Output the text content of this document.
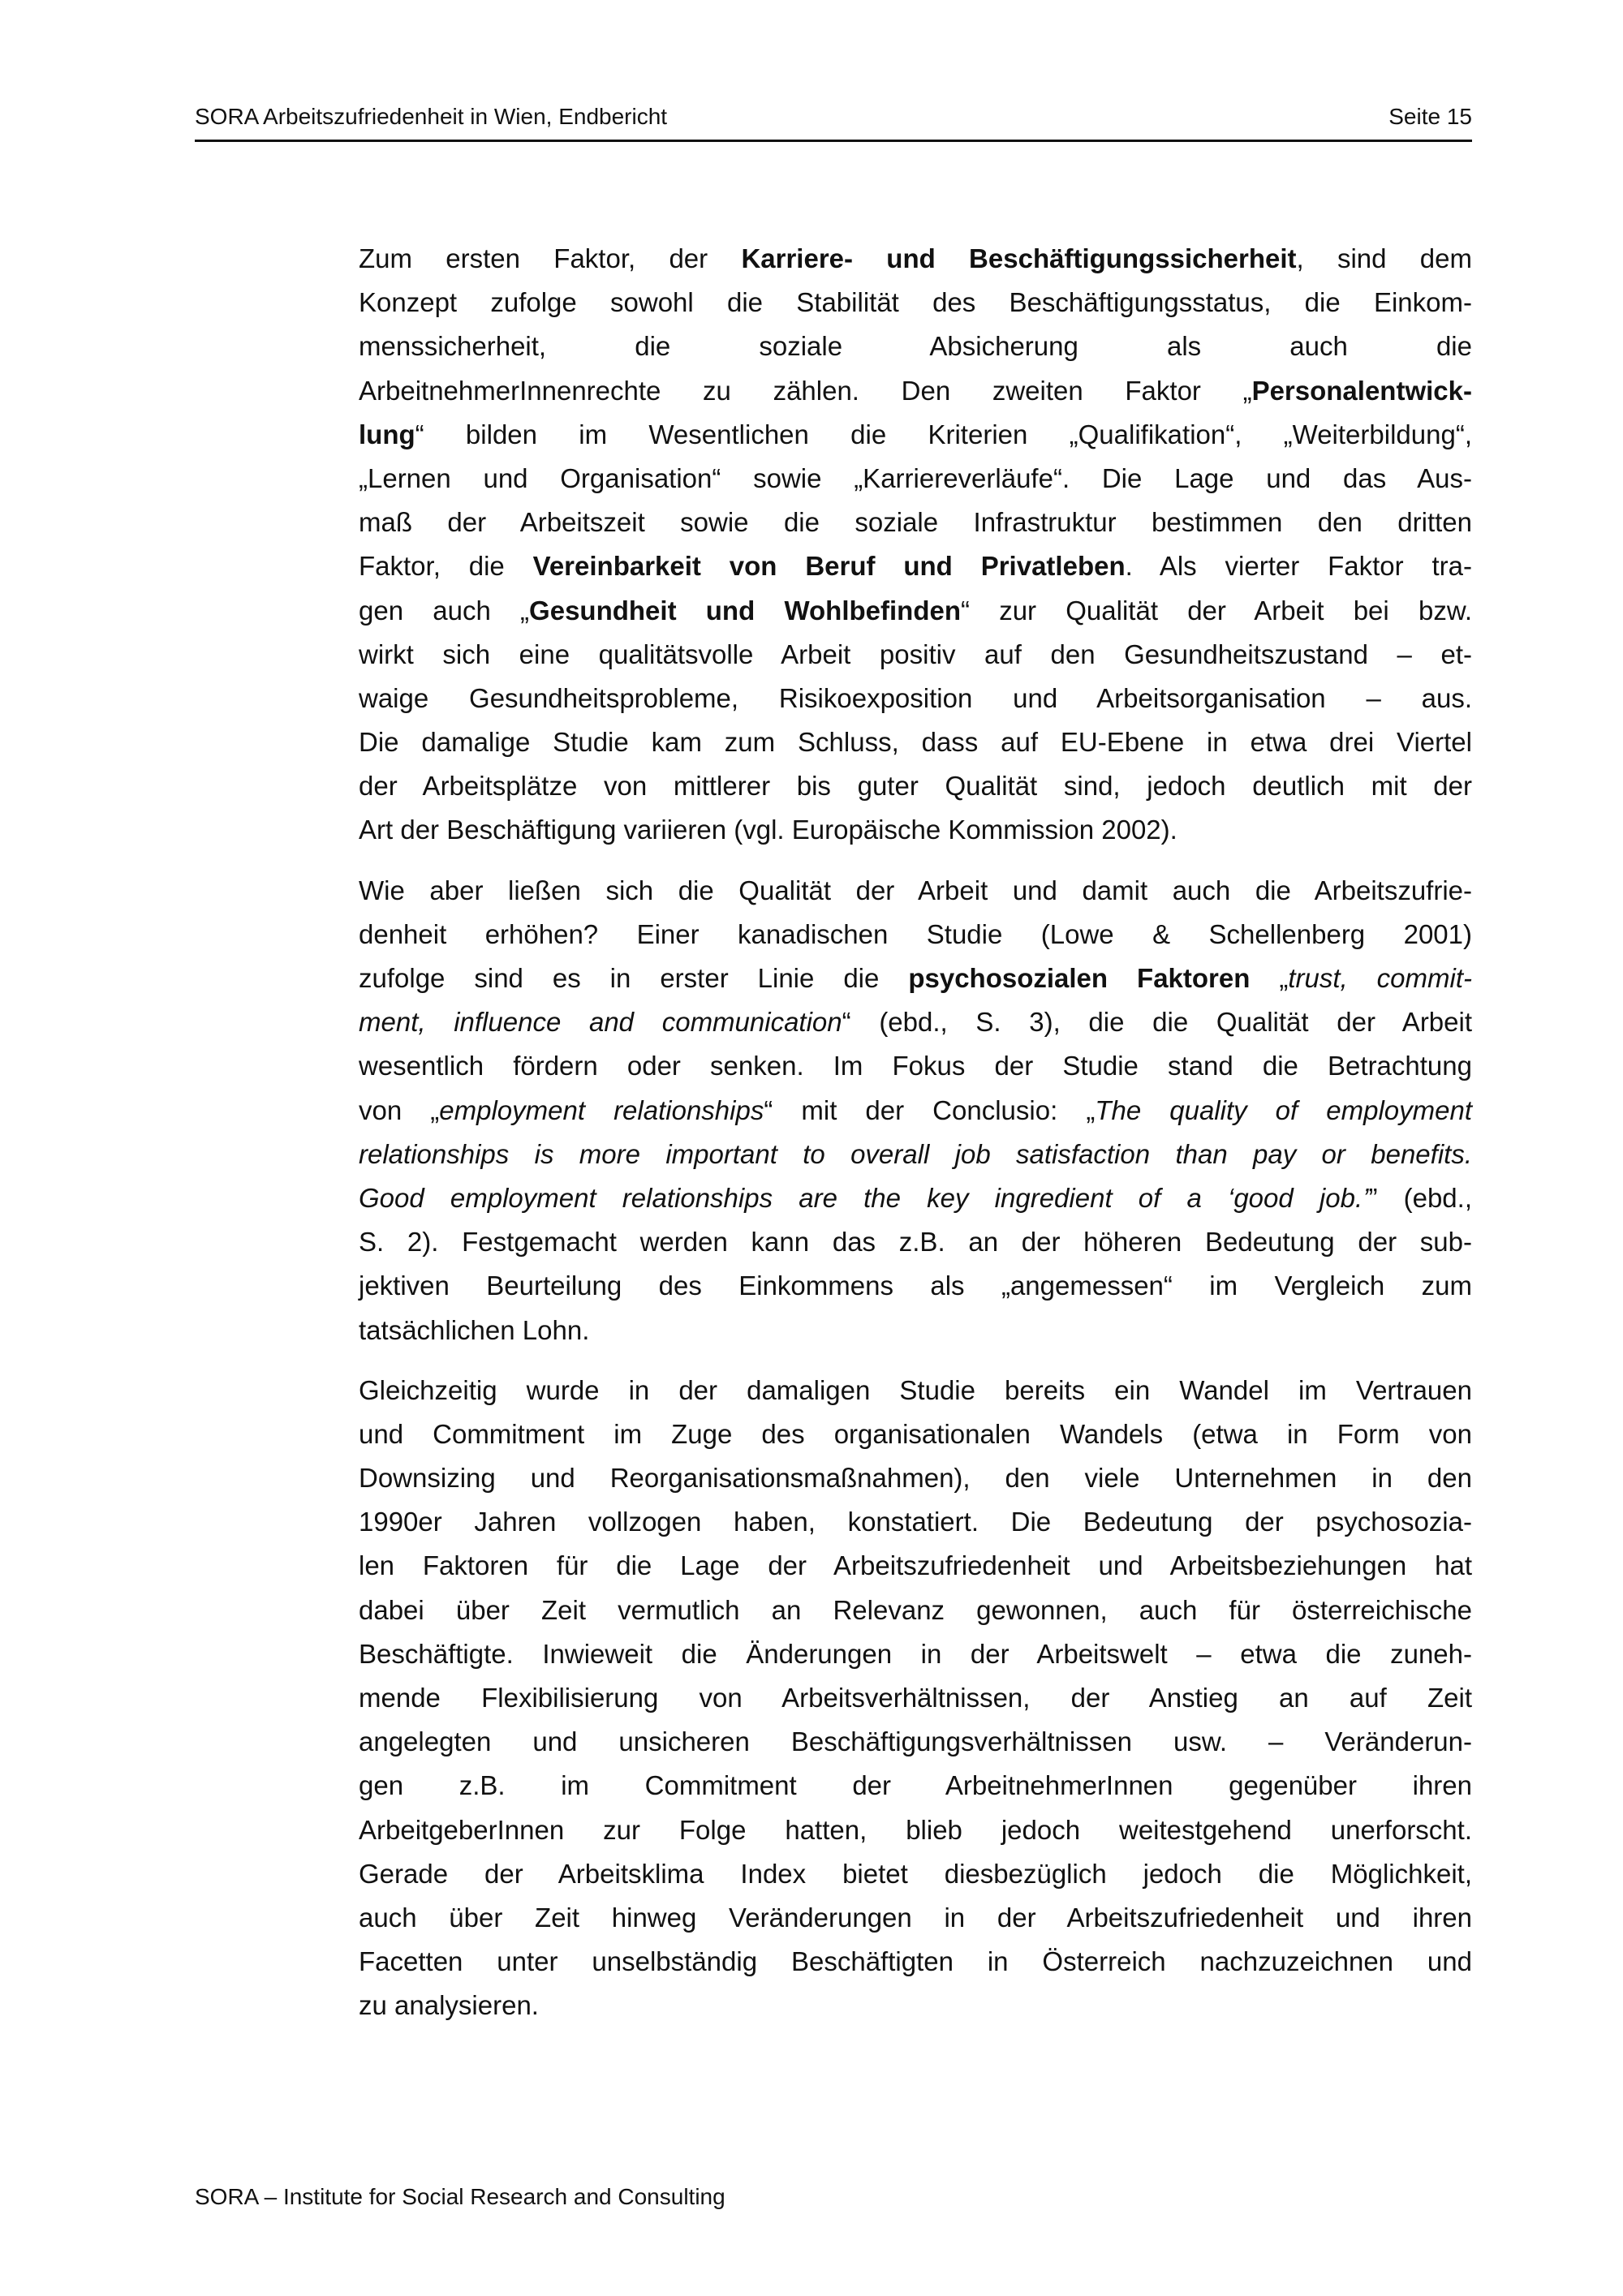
SORA Arbeitszufriedenheit in Wien, Endbericht	Seite 15
Zum ersten Faktor, der Karriere- und Beschäftigungssicherheit, sind dem
Konzept zufolge sowohl die Stabilität des Beschäftigungsstatus, die Einkom-
menssicherheit, die soziale Absicherung als auch die
ArbeitnehmerInnenrechte zu zählen. Den zweiten Faktor „Personalentwick-
lung“ bilden im Wesentlichen die Kriterien „Qualifikation“, „Weiterbildung“,
„Lernen und Organisation“ sowie „Karriereverläufe“. Die Lage und das Aus-
maß der Arbeitszeit sowie die soziale Infrastruktur bestimmen den dritten
Faktor, die Vereinbarkeit von Beruf und Privatleben. Als vierter Faktor tra-
gen auch „Gesundheit und Wohlbefinden“ zur Qualität der Arbeit bei bzw.
wirkt sich eine qualitätsvolle Arbeit positiv auf den Gesundheitszustand – et-
waige Gesundheitsprobleme, Risikoexposition und Arbeitsorganisation – aus.
Die damalige Studie kam zum Schluss, dass auf EU-Ebene in etwa drei Viertel
der Arbeitsplätze von mittlerer bis guter Qualität sind, jedoch deutlich mit der
Art der Beschäftigung variieren (vgl. Europäische Kommission 2002).
Wie aber ließen sich die Qualität der Arbeit und damit auch die Arbeitszufrie-
denheit erhöhen? Einer kanadischen Studie (Lowe & Schellenberg 2001)
zufolge sind es in erster Linie die psychosozialen Faktoren „trust, commit-
ment, influence and communication“ (ebd., S. 3), die die Qualität der Arbeit
wesentlich fördern oder senken. Im Fokus der Studie stand die Betrachtung
von „employment relationships“ mit der Conclusio: „The quality of employment
relationships is more important to overall job satisfaction than pay or benefits.
Good employment relationships are the key ingredient of a ‘good job.’” (ebd.,
S. 2). Festgemacht werden kann das z.B. an der höheren Bedeutung der sub-
jektiven Beurteilung des Einkommens als „angemessen“ im Vergleich zum
tatsächlichen Lohn.
Gleichzeitig wurde in der damaligen Studie bereits ein Wandel im Vertrauen
und Commitment im Zuge des organisationalen Wandels (etwa in Form von
Downsizing und Reorganisationsmaßnahmen), den viele Unternehmen in den
1990er Jahren vollzogen haben, konstatiert. Die Bedeutung der psychosozia-
len Faktoren für die Lage der Arbeitszufriedenheit und Arbeitsbeziehungen hat
dabei über Zeit vermutlich an Relevanz gewonnen, auch für österreichische
Beschäftigte. Inwieweit die Änderungen in der Arbeitswelt – etwa die zuneh-
mende Flexibilisierung von Arbeitsverhältnissen, der Anstieg an auf Zeit
angelegten und unsicheren Beschäftigungsverhältnissen usw. – Veränderun-
gen z.B. im Commitment der ArbeitnehmerInnen gegenüber ihren
ArbeitgeberInnen zur Folge hatten, blieb jedoch weitestgehend unerforscht.
Gerade der Arbeitsklima Index bietet diesbezüglich jedoch die Möglichkeit,
auch über Zeit hinweg Veränderungen in der Arbeitszufriedenheit und ihren
Facetten unter unselbständig Beschäftigten in Österreich nachzuzeichnen und
zu analysieren.
SORA – Institute for Social Research and Consulting
